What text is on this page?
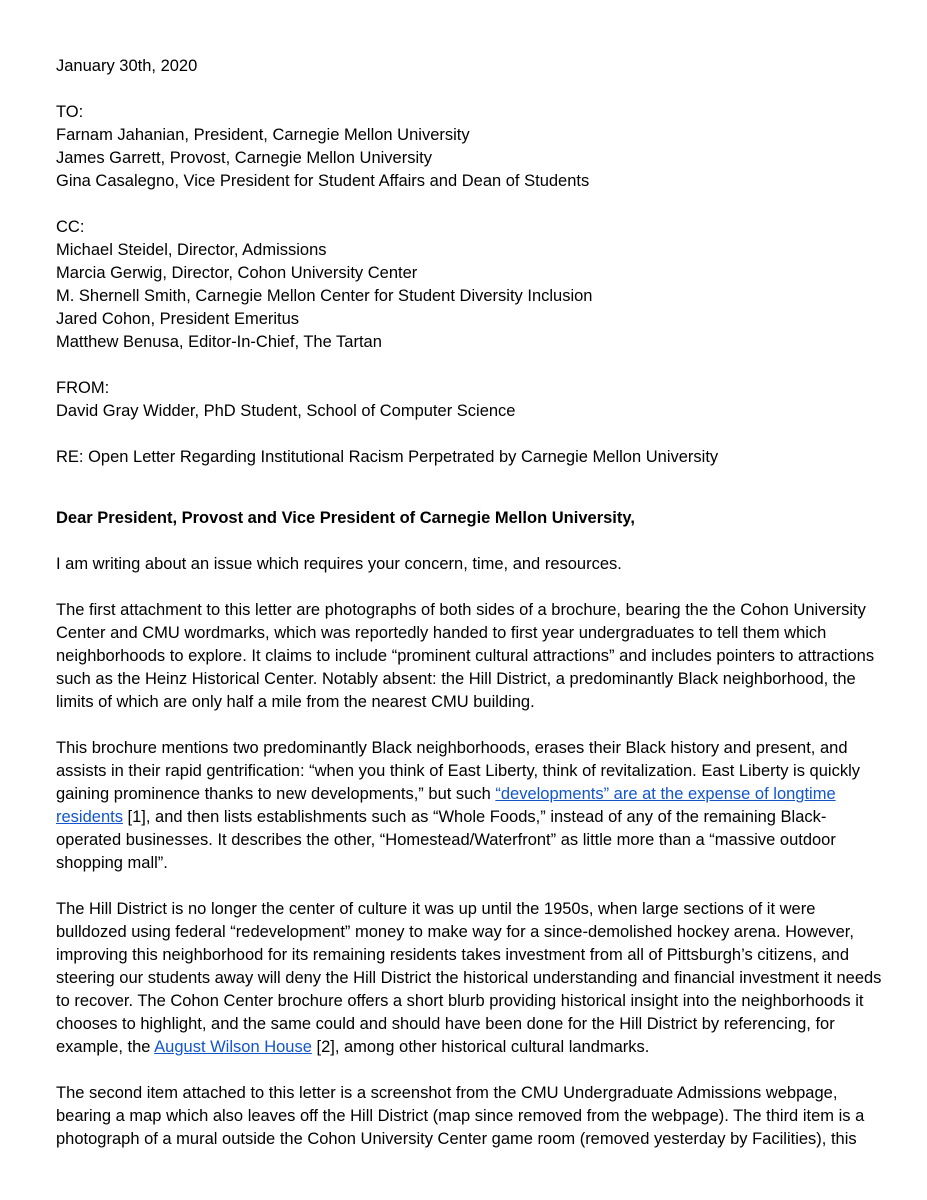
January 30th, 2020
TO:
Farnam Jahanian, President, Carnegie Mellon University
James Garrett, Provost, Carnegie Mellon University
Gina Casalegno, Vice President for Student Affairs and Dean of Students
CC:
Michael Steidel, Director, Admissions
Marcia Gerwig, Director, Cohon University Center
M. Shernell Smith, Carnegie Mellon Center for Student Diversity Inclusion
Jared Cohon, President Emeritus
Matthew Benusa, Editor-In-Chief, The Tartan
FROM:
David Gray Widder, PhD Student, School of Computer Science
RE: Open Letter Regarding Institutional Racism Perpetrated by Carnegie Mellon University
Dear President, Provost and Vice President of Carnegie Mellon University,

I am writing about an issue which requires your concern, time, and resources.

The first attachment to this letter are photographs of both sides of a brochure, bearing the the Cohon University Center and CMU wordmarks, which was reportedly handed to first year undergraduates to tell them which neighborhoods to explore. It claims to include “prominent cultural attractions” and includes pointers to attractions such as the Heinz Historical Center. Notably absent: the Hill District, a predominantly Black neighborhood, the limits of which are only half a mile from the nearest CMU building.

This brochure mentions two predominantly Black neighborhoods, erases their Black history and present, and assists in their rapid gentrification: “when you think of East Liberty, think of revitalization. East Liberty is quickly gaining prominence thanks to new developments,” but such “developments” are at the expense of longtime residents [1], and then lists establishments such as “Whole Foods,” instead of any of the remaining Black-operated businesses. It describes the other, “Homestead/Waterfront” as little more than a “massive outdoor shopping mall”.

The Hill District is no longer the center of culture it was up until the 1950s, when large sections of it were bulldozed using federal “redevelopment” money to make way for a since-demolished hockey arena. However, improving this neighborhood for its remaining residents takes investment from all of Pittsburgh’s citizens, and steering our students away will deny the Hill District the historical understanding and financial investment it needs to recover. The Cohon Center brochure offers a short blurb providing historical insight into the neighborhoods it chooses to highlight, and the same could and should have been done for the Hill District by referencing, for example, the August Wilson House [2], among other historical cultural landmarks.

The second item attached to this letter is a screenshot from the CMU Undergraduate Admissions webpage, bearing a map which also leaves off the Hill District (map since removed from the webpage). The third item is a photograph of a mural outside the Cohon University Center game room (removed yesterday by Facilities), this
